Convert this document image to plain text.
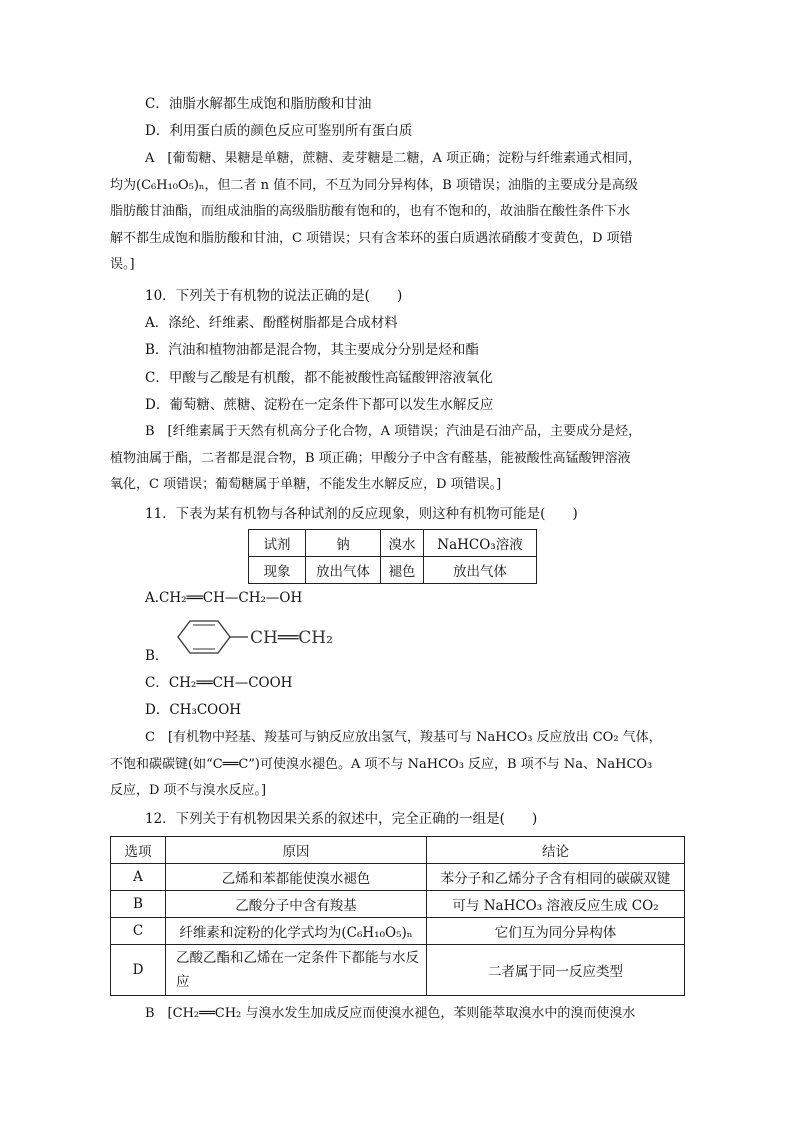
C．油脂水解都生成饱和脂肪酸和甘油
D．利用蛋白质的颜色反应可鉴别所有蛋白质

A　[葡萄糖、果糖是单糖，蔗糖、麦芽糖是二糖，A 项正确；淀粉与纤维素通式相同，

均为(C₆H₁₀O₅)ₙ，但二者 n 值不同，不互为同分异构体，B 项错误；油脂的主要成分是高级

脂肪酸甘油酯，而组成油脂的高级脂肪酸有饱和的，也有不饱和的，故油脂在酸性条件下水

解不都生成饱和脂肪酸和甘油，C 项错误；只有含苯环的蛋白质遇浓硝酸才变黄色，D 项错

误。]

10．下列关于有机物的说法正确的是(　　)
A．涤纶、纤维素、酚醛树脂都是合成材料
B．汽油和植物油都是混合物，其主要成分分别是烃和酯
C．甲酸与乙酸是有机酸，都不能被酸性高锰酸钾溶液氧化
D．葡萄糖、蔗糖、淀粉在一定条件下都可以发生水解反应

B　[纤维素属于天然有机高分子化合物，A 项错误；汽油是石油产品，主要成分是烃，

植物油属于酯，二者都是混合物，B 项正确；甲酸分子中含有醛基，能被酸性高锰酸钾溶液

氧化，C 项错误；葡萄糖属于单糖，不能发生水解反应，D 项错误。]

11．下表为某有机物与各种试剂的反应现象，则这种有机物可能是(　　)
试剂	钠	溴水	NaHCO₃溶液
现象	放出气体	褪色	放出气体
A.CH₂══CH—CH₂—OH
B．
CH══CH₂
C．CH₂══CH—COOH
D．CH₃COOH

C　[有机物中羟基、羧基可与钠反应放出氢气，羧基可与 NaHCO₃ 反应放出 CO₂ 气体，

不饱和碳碳键(如“C══C”)可使溴水褪色。A 项不与 NaHCO₃ 反应，B 项不与 Na、NaHCO₃

反应，D 项不与溴水反应。]

12．下列关于有机物因果关系的叙述中，完全正确的一组是(　　)
选项	原因	结论
A	乙烯和苯都能使溴水褪色	苯分子和乙烯分子含有相同的碳碳双键
B	乙酸分子中含有羧基	可与 NaHCO₃ 溶液反应生成 CO₂
C	纤维素和淀粉的化学式均为(C₆H₁₀O₅)ₙ	它们互为同分异构体
D	乙酸乙酯和乙烯在一定条件下都能与水反应	二者属于同一反应类型

B　[CH₂══CH₂ 与溴水发生加成反应而使溴水褪色，苯则能萃取溴水中的溴而使溴水
